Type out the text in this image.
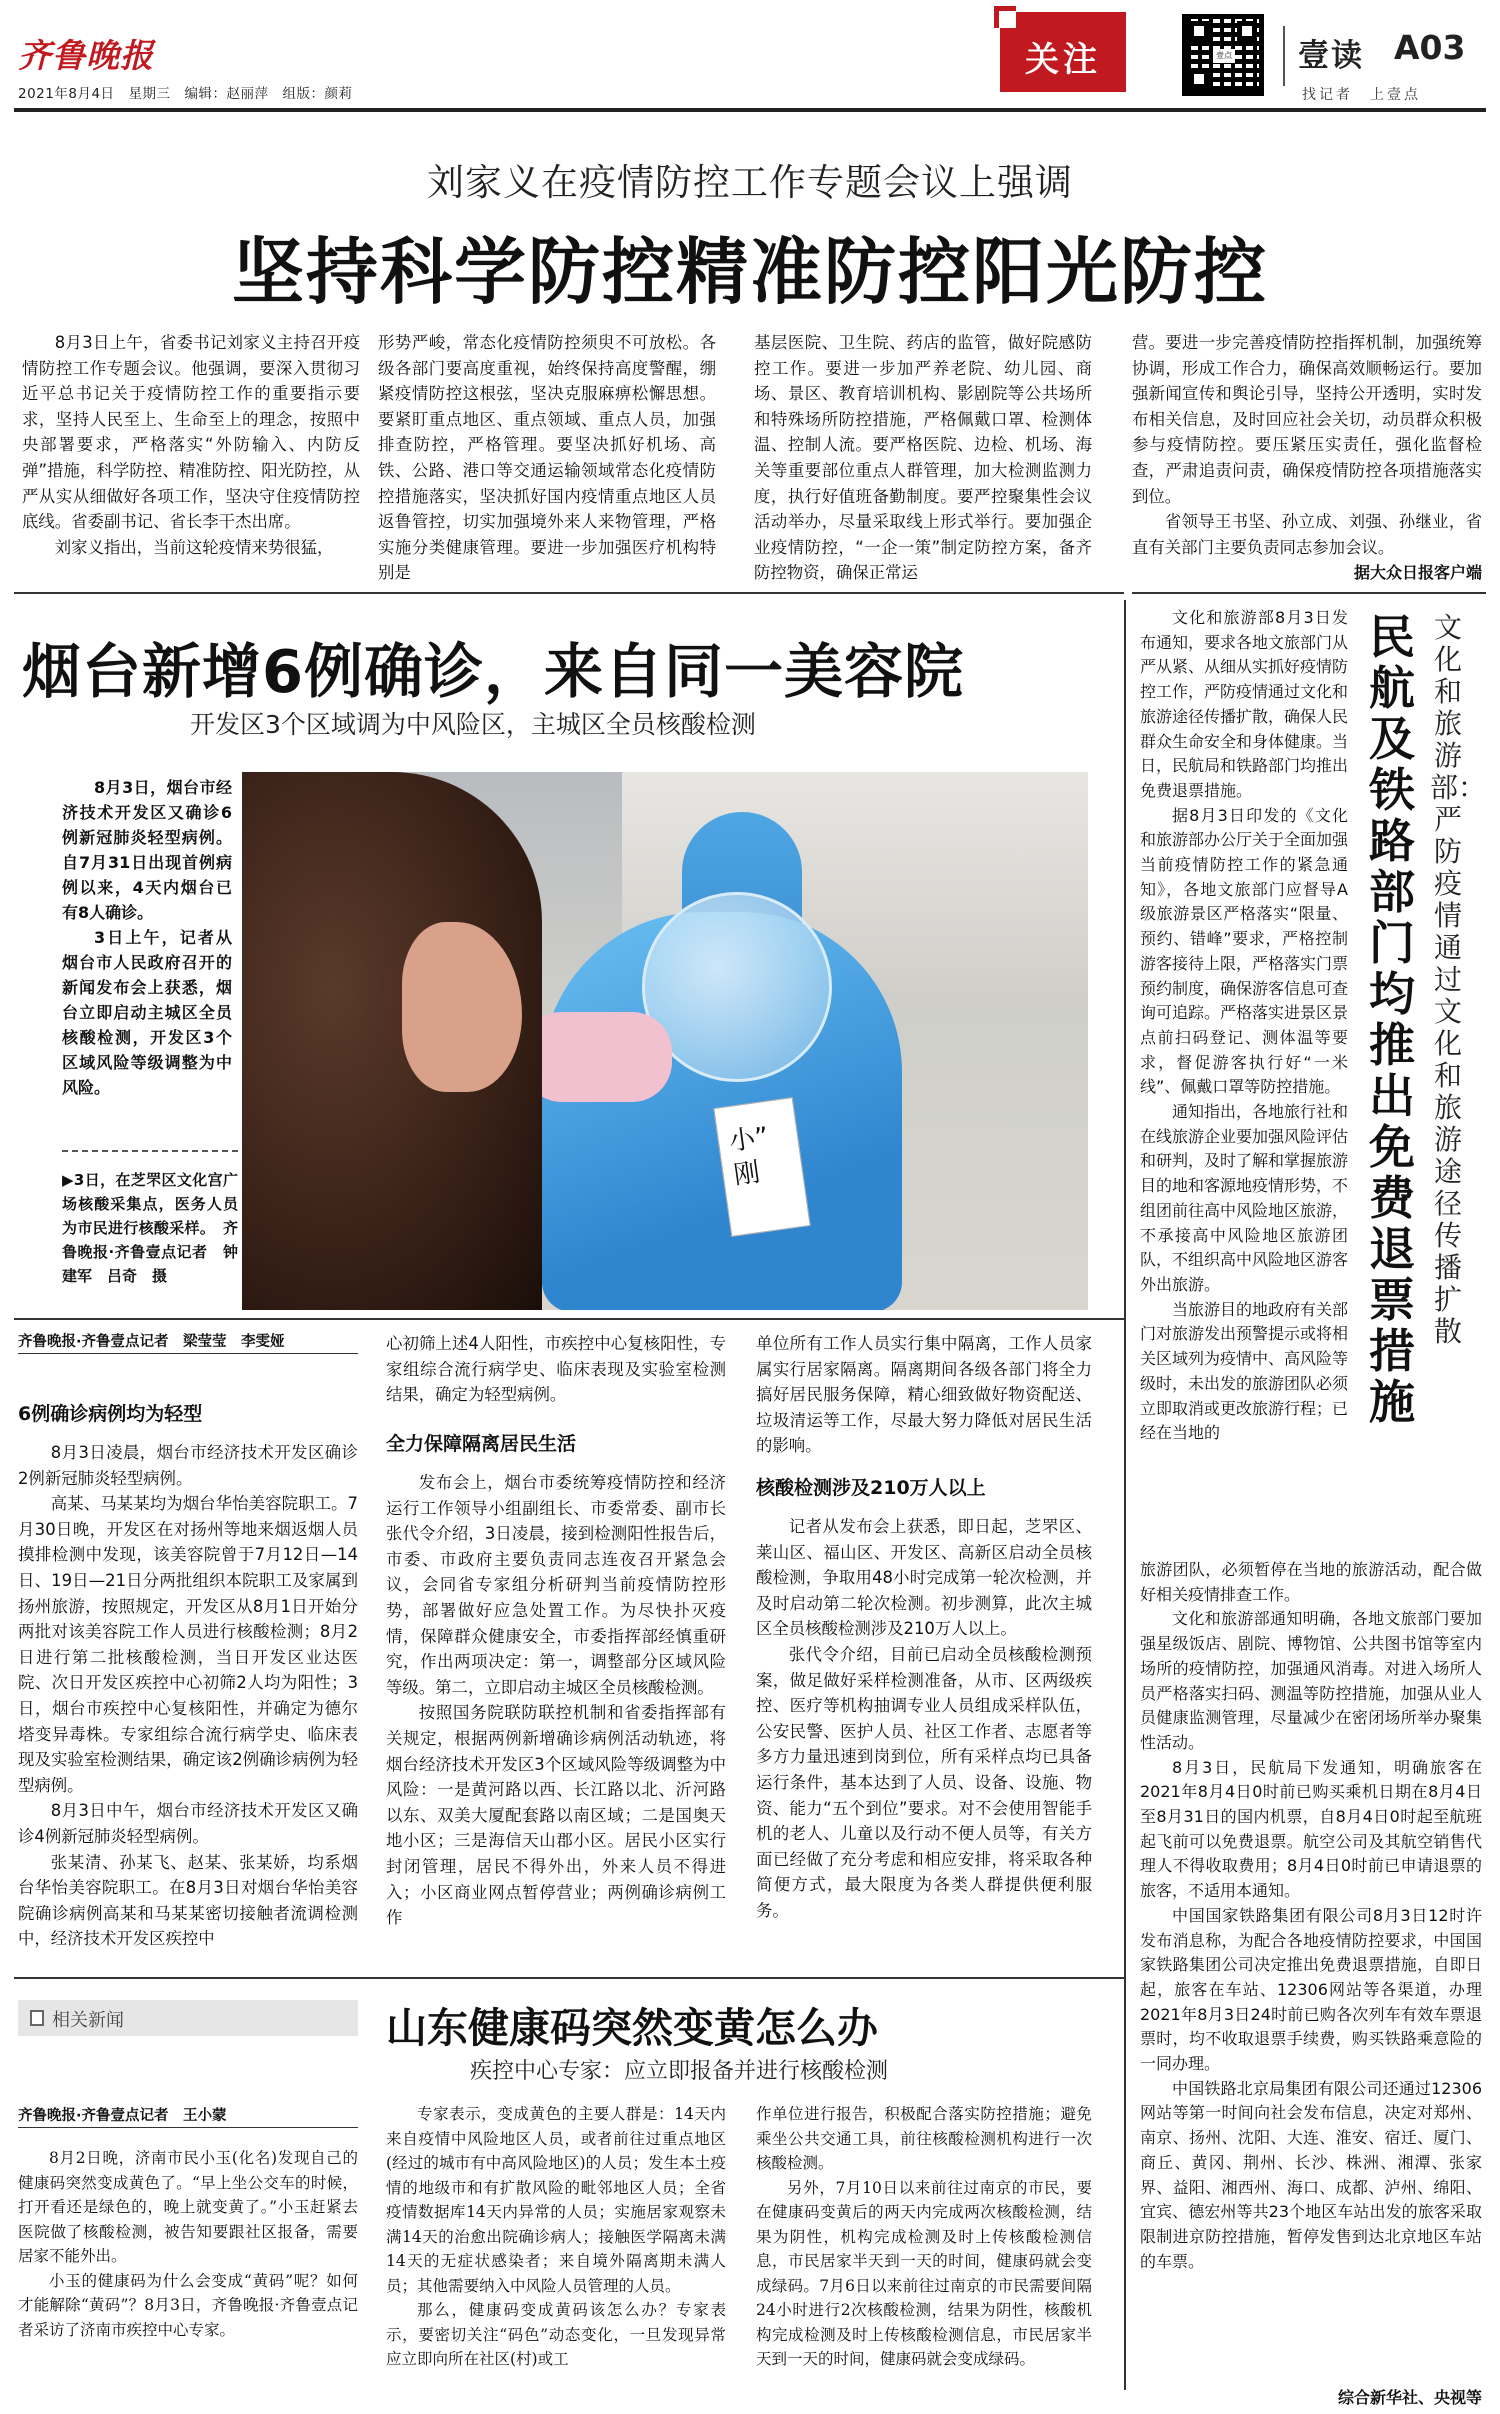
齐鲁晚报
2021年8月4日　星期三　编辑：赵丽萍　组版：颜莉
关注	壹点 壹读 A03
找记者　上壹点
刘家义在疫情防控工作专题会议上强调
坚持科学防控精准防控阳光防控

8月3日上午，省委书记刘家义主持召开疫情防控工作专题会议。他强调，要深入贯彻习近平总书记关于疫情防控工作的重要指示要求，坚持人民至上、生命至上的理念，按照中央部署要求，严格落实“外防输入、内防反弹”措施，科学防控、精准防控、阳光防控，从严从实从细做好各项工作，坚决守住疫情防控底线。省委副书记、省长李干杰出席。

刘家义指出，当前这轮疫情来势很猛，

形势严峻，常态化疫情防控须臾不可放松。各级各部门要高度重视，始终保持高度警醒，绷紧疫情防控这根弦，坚决克服麻痹松懈思想。要紧盯重点地区、重点领域、重点人员，加强排查防控，严格管理。要坚决抓好机场、高铁、公路、港口等交通运输领域常态化疫情防控措施落实，坚决抓好国内疫情重点地区人员返鲁管控，切实加强境外来人来物管理，严格实施分类健康管理。要进一步加强医疗机构特别是

基层医院、卫生院、药店的监管，做好院感防控工作。要进一步加严养老院、幼儿园、商场、景区、教育培训机构、影剧院等公共场所和特殊场所防控措施，严格佩戴口罩、检测体温、控制人流。要严格医院、边检、机场、海关等重要部位重点人群管理，加大检测监测力度，执行好值班备勤制度。要严控聚集性会议活动举办，尽量采取线上形式举行。要加强企业疫情防控，“一企一策”制定防控方案，备齐防控物资，确保正常运

营。要进一步完善疫情防控指挥机制，加强统筹协调，形成工作合力，确保高效顺畅运行。要加强新闻宣传和舆论引导，坚持公开透明，实时发布相关信息，及时回应社会关切，动员群众积极参与疫情防控。要压紧压实责任，强化监督检查，严肃追责问责，确保疫情防控各项措施落实到位。

省领导王书坚、孙立成、刘强、孙继业，省直有关部门主要负责同志参加会议。

据大众日报客户端
烟台新增6例确诊，来自同一美容院
开发区3个区域调为中风险区，主城区全员核酸检测

8月3日，烟台市经济技术开发区又确诊6例新冠肺炎轻型病例。自7月31日出现首例病例以来，4天内烟台已有8人确诊。

3日上午，记者从烟台市人民政府召开的新闻发布会上获悉，烟台立即启动主城区全员核酸检测，开发区3个区域风险等级调整为中风险。

▶3日，在芝罘区文化宫广场核酸采集点，医务人员为市民进行核酸采样。　齐鲁晚报·齐鲁壹点记者　钟建军　吕奇　摄
小”
刚
齐鲁晚报·齐鲁壹点记者　梁莹莹　李雯娅
6例确诊病例均为轻型

8月3日凌晨，烟台市经济技术开发区确诊2例新冠肺炎轻型病例。

高某、马某某均为烟台华怡美容院职工。7月30日晚，开发区在对扬州等地来烟返烟人员摸排检测中发现，该美容院曾于7月12日—14日、19日—21日分两批组织本院职工及家属到扬州旅游，按照规定，开发区从8月1日开始分两批对该美容院工作人员进行核酸检测；8月2日进行第二批核酸检测，当日开发区业达医院、次日开发区疾控中心初筛2人均为阳性；3日，烟台市疾控中心复核阳性，并确定为德尔塔变异毒株。专家组综合流行病学史、临床表现及实验室检测结果，确定该2例确诊病例为轻型病例。

8月3日中午，烟台市经济技术开发区又确诊4例新冠肺炎轻型病例。

张某清、孙某飞、赵某、张某娇，均系烟台华怡美容院职工。在8月3日对烟台华怡美容院确诊病例高某和马某某密切接触者流调检测中，经济技术开发区疾控中

心初筛上述4人阳性，市疾控中心复核阳性，专家组综合流行病学史、临床表现及实验室检测结果，确定为轻型病例。

全力保障隔离居民生活

发布会上，烟台市委统筹疫情防控和经济运行工作领导小组副组长、市委常委、副市长张代令介绍，3日凌晨，接到检测阳性报告后，市委、市政府主要负责同志连夜召开紧急会议，会同省专家组分析研判当前疫情防控形势，部署做好应急处置工作。为尽快扑灭疫情，保障群众健康安全，市委指挥部经慎重研究，作出两项决定：第一，调整部分区域风险等级。第二，立即启动主城区全员核酸检测。

按照国务院联防联控机制和省委指挥部有关规定，根据两例新增确诊病例活动轨迹，将烟台经济技术开发区3个区域风险等级调整为中风险：一是黄河路以西、长江路以北、沂河路以东、双美大厦配套路以南区域；二是国奥天地小区；三是海信天山郡小区。居民小区实行封闭管理，居民不得外出，外来人员不得进入；小区商业网点暂停营业；两例确诊病例工作

单位所有工作人员实行集中隔离，工作人员家属实行居家隔离。隔离期间各级各部门将全力搞好居民服务保障，精心细致做好物资配送、垃圾清运等工作，尽最大努力降低对居民生活的影响。

核酸检测涉及210万人以上

记者从发布会上获悉，即日起，芝罘区、莱山区、福山区、开发区、高新区启动全员核酸检测，争取用48小时完成第一轮次检测，并及时启动第二轮次检测。初步测算，此次主城区全员核酸检测涉及210万人以上。

张代令介绍，目前已启动全员核酸检测预案，做足做好采样检测准备，从市、区两级疾控、医疗等机构抽调专业人员组成采样队伍，公安民警、医护人员、社区工作者、志愿者等多方力量迅速到岗到位，所有采样点均已具备运行条件，基本达到了人员、设备、设施、物资、能力“五个到位”要求。对不会使用智能手机的老人、儿童以及行动不便人员等，有关方面已经做了充分考虑和相应安排，将采取各种简便方式，最大限度为各类人群提供便利服务。

相关新闻	山东健康码突然变黄怎么办
疾控中心专家：应立即报备并进行核酸检测
齐鲁晚报·齐鲁壹点记者　王小蒙

8月2日晚，济南市民小玉(化名)发现自己的健康码突然变成黄色了。“早上坐公交车的时候，打开看还是绿色的，晚上就变黄了。”小玉赶紧去医院做了核酸检测，被告知要跟社区报备，需要居家不能外出。

小玉的健康码为什么会变成“黄码”呢？如何才能解除“黄码”？8月3日，齐鲁晚报·齐鲁壹点记者采访了济南市疾控中心专家。

专家表示，变成黄色的主要人群是：14天内来自疫情中风险地区人员，或者前往过重点地区(经过的城市有中高风险地区)的人员；发生本土疫情的地级市和有扩散风险的毗邻地区人员；全省疫情数据库14天内异常的人员；实施居家观察未满14天的治愈出院确诊病人；接触医学隔离未满14天的无症状感染者；来自境外隔离期未满人员；其他需要纳入中风险人员管理的人员。

那么，健康码变成黄码该怎么办？专家表示，要密切关注“码色”动态变化，一旦发现异常应立即向所在社区(村)或工

作单位进行报告，积极配合落实防控措施；避免乘坐公共交通工具，前往核酸检测机构进行一次核酸检测。

另外，7月10日以来前往过南京的市民，要在健康码变黄后的两天内完成两次核酸检测，结果为阴性，机构完成检测及时上传核酸检测信息，市民居家半天到一天的时间，健康码就会变成绿码。7月6日以来前往过南京的市民需要间隔24小时进行2次核酸检测，结果为阴性，核酸机构完成检测及时上传核酸检测信息，市民居家半天到一天的时间，健康码就会变成绿码。

民航及铁路部门均推出免费退票措施
文化和旅游部：严防疫情通过文化和旅游途径传播扩散

文化和旅游部8月3日发布通知，要求各地文旅部门从严从紧、从细从实抓好疫情防控工作，严防疫情通过文化和旅游途径传播扩散，确保人民群众生命安全和身体健康。当日，民航局和铁路部门均推出免费退票措施。

据8月3日印发的《文化和旅游部办公厅关于全面加强当前疫情防控工作的紧急通知》，各地文旅部门应督导A级旅游景区严格落实“限量、预约、错峰”要求，严格控制游客接待上限，严格落实门票预约制度，确保游客信息可查询可追踪。严格落实进景区景点前扫码登记、测体温等要求，督促游客执行好“一米线”、佩戴口罩等防控措施。

通知指出，各地旅行社和在线旅游企业要加强风险评估和研判，及时了解和掌握旅游目的地和客源地疫情形势，不组团前往高中风险地区旅游，不承接高中风险地区旅游团队，不组织高中风险地区游客外出旅游。

当旅游目的地政府有关部门对旅游发出预警提示或将相关区域列为疫情中、高风险等级时，未出发的旅游团队必须立即取消或更改旅游行程；已经在当地的

旅游团队，必须暂停在当地的旅游活动，配合做好相关疫情排查工作。

文化和旅游部通知明确，各地文旅部门要加强星级饭店、剧院、博物馆、公共图书馆等室内场所的疫情防控，加强通风消毒。对进入场所人员严格落实扫码、测温等防控措施，加强从业人员健康监测管理，尽量减少在密闭场所举办聚集性活动。

8月3日，民航局下发通知，明确旅客在2021年8月4日0时前已购买乘机日期在8月4日至8月31日的国内机票，自8月4日0时起至航班起飞前可以免费退票。航空公司及其航空销售代理人不得收取费用；8月4日0时前已申请退票的旅客，不适用本通知。

中国国家铁路集团有限公司8月3日12时许发布消息称，为配合各地疫情防控要求，中国国家铁路集团公司决定推出免费退票措施，自即日起，旅客在车站、12306网站等各渠道，办理2021年8月3日24时前已购各次列车有效车票退票时，均不收取退票手续费，购买铁路乘意险的一同办理。

中国铁路北京局集团有限公司还通过12306网站等第一时间向社会发布信息，决定对郑州、南京、扬州、沈阳、大连、淮安、宿迁、厦门、商丘、黄冈、荆州、长沙、株洲、湘潭、张家界、益阳、湘西州、海口、成都、泸州、绵阳、宜宾、德宏州等共23个地区车站出发的旅客采取限制进京防控措施，暂停发售到达北京地区车站的车票。

综合新华社、央视等
